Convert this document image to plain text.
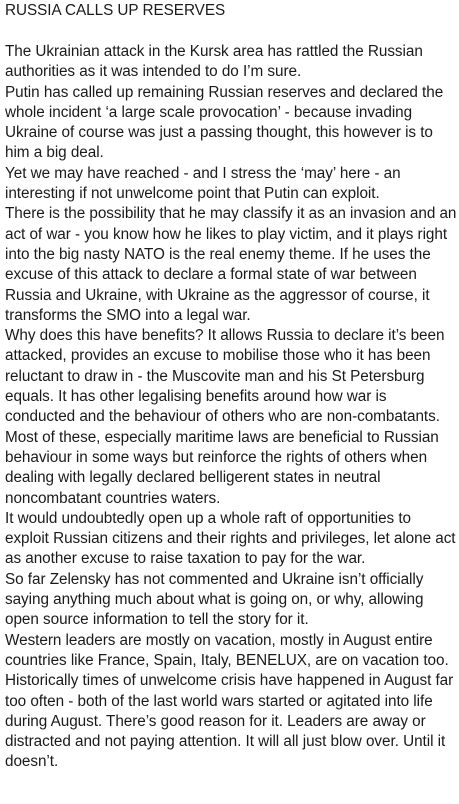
RUSSIA CALLS UP RESERVES

The Ukrainian attack in the Kursk area has rattled the Russian authorities as it was intended to do I’m sure.

Putin has called up remaining Russian reserves and declared the whole incident ‘a large scale provocation’ - because invading Ukraine of course was just a passing thought, this however is to him a big deal.

Yet we may have reached - and I stress the ‘may’ here - an interesting if not unwelcome point that Putin can exploit.

There is the possibility that he may classify it as an invasion and an act of war - you know how he likes to play victim, and it plays right into the big nasty NATO is the real enemy theme. If he uses the excuse of this attack to declare a formal state of war between Russia and Ukraine, with Ukraine as the aggressor of course, it transforms the SMO into a legal war.

Why does this have benefits? It allows Russia to declare it’s been attacked, provides an excuse to mobilise those who it has been reluctant to draw in - the Muscovite man and his St Petersburg equals. It has other legalising benefits around how war is conducted and the behaviour of others who are non-combatants. Most of these, especially maritime laws are beneficial to Russian behaviour in some ways but reinforce the rights of others when dealing with legally declared belligerent states in neutral noncombatant countries waters.

It would undoubtedly open up a whole raft of opportunities to exploit Russian citizens and their rights and privileges, let alone act as another excuse to raise taxation to pay for the war.

So far Zelensky has not commented and Ukraine isn’t officially saying anything much about what is going on, or why, allowing open source information to tell the story for it.

Western leaders are mostly on vacation, mostly in August entire countries like France, Spain, Italy, BENELUX, are on vacation too. Historically times of unwelcome crisis have happened in August far too often - both of the last world wars started or agitated into life during August. There’s good reason for it. Leaders are away or distracted and not paying attention. It will all just blow over. Until it doesn’t.
